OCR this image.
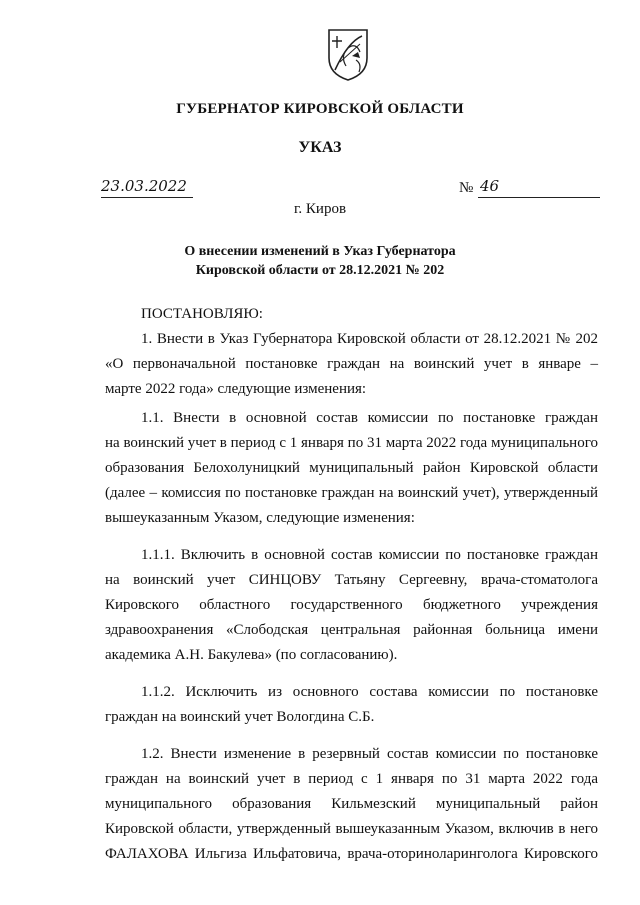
ГУБЕРНАТОР КИРОВСКОЙ ОБЛАСТИ
УКАЗ
23.03.2022	№ 46
г. Киров
О внесении изменений в Указ Губернатора
Кировской области от 28.12.2021 № 202
ПОСТАНОВЛЯЮ:
1. Внести в Указ Губернатора Кировской области от 28.12.2021 № 202
«О первоначальной постановке граждан на воинский учет в январе –
марте 2022 года» следующие изменения:
1.1. Внести в основной состав комиссии по постановке граждан
на воинский учет в период с 1 января по 31 марта 2022 года муниципального
образования Белохолуницкий муниципальный район Кировской области
(далее – комиссия по постановке граждан на воинский учет), утвержденный
вышеуказанным Указом, следующие изменения:
1.1.1. Включить в основной состав комиссии по постановке граждан
на воинский учет СИНЦОВУ Татьяну Сергеевну, врача-стоматолога
Кировского областного государственного бюджетного учреждения
здравоохранения «Слободская центральная районная больница имени
академика А.Н. Бакулева» (по согласованию).
1.1.2. Исключить из основного состава комиссии по постановке
граждан на воинский учет Вологдина С.Б.
1.2. Внести изменение в резервный состав комиссии по постановке
граждан на воинский учет в период с 1 января по 31 марта 2022 года
муниципального образования Кильмезский муниципальный район
Кировской области, утвержденный вышеуказанным Указом, включив в него
ФАЛАХОВА Ильгиза Ильфатовича, врача-оториноларинголога Кировского
